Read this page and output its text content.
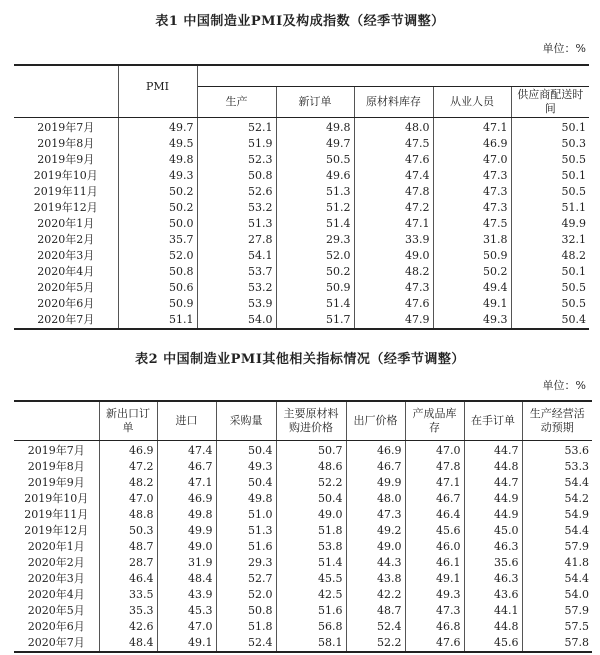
表1 中国制造业PMI及构成指数（经季节调整）
单位：%
	PMI					
		生产	新订单	原材料库存	从业人员	供应商配送时间
2019年7月	49.7	52.1	49.8	48.0	47.1	50.1
2019年8月	49.5	51.9	49.7	47.5	46.9	50.3
2019年9月	49.8	52.3	50.5	47.6	47.0	50.5
2019年10月	49.3	50.8	49.6	47.4	47.3	50.1
2019年11月	50.2	52.6	51.3	47.8	47.3	50.5
2019年12月	50.2	53.2	51.2	47.2	47.3	51.1
2020年1月	50.0	51.3	51.4	47.1	47.5	49.9
2020年2月	35.7	27.8	29.3	33.9	31.8	32.1
2020年3月	52.0	54.1	52.0	49.0	50.9	48.2
2020年4月	50.8	53.7	50.2	48.2	50.2	50.1
2020年5月	50.6	53.2	50.9	47.3	49.4	50.5
2020年6月	50.9	53.9	51.4	47.6	49.1	50.5
2020年7月	51.1	54.0	51.7	47.9	49.3	50.4
表2 中国制造业PMI其他相关指标情况（经季节调整）
单位：%
	新出口订单	进口	采购量	主要原材料购进价格	出厂价格	产成品库存	在手订单	生产经营活动预期
2019年7月	46.9	47.4	50.4	50.7	46.9	47.0	44.7	53.6
2019年8月	47.2	46.7	49.3	48.6	46.7	47.8	44.8	53.3
2019年9月	48.2	47.1	50.4	52.2	49.9	47.1	44.7	54.4
2019年10月	47.0	46.9	49.8	50.4	48.0	46.7	44.9	54.2
2019年11月	48.8	49.8	51.0	49.0	47.3	46.4	44.9	54.9
2019年12月	50.3	49.9	51.3	51.8	49.2	45.6	45.0	54.4
2020年1月	48.7	49.0	51.6	53.8	49.0	46.0	46.3	57.9
2020年2月	28.7	31.9	29.3	51.4	44.3	46.1	35.6	41.8
2020年3月	46.4	48.4	52.7	45.5	43.8	49.1	46.3	54.4
2020年4月	33.5	43.9	52.0	42.5	42.2	49.3	43.6	54.0
2020年5月	35.3	45.3	50.8	51.6	48.7	47.3	44.1	57.9
2020年6月	42.6	47.0	51.8	56.8	52.4	46.8	44.8	57.5
2020年7月	48.4	49.1	52.4	58.1	52.2	47.6	45.6	57.8
